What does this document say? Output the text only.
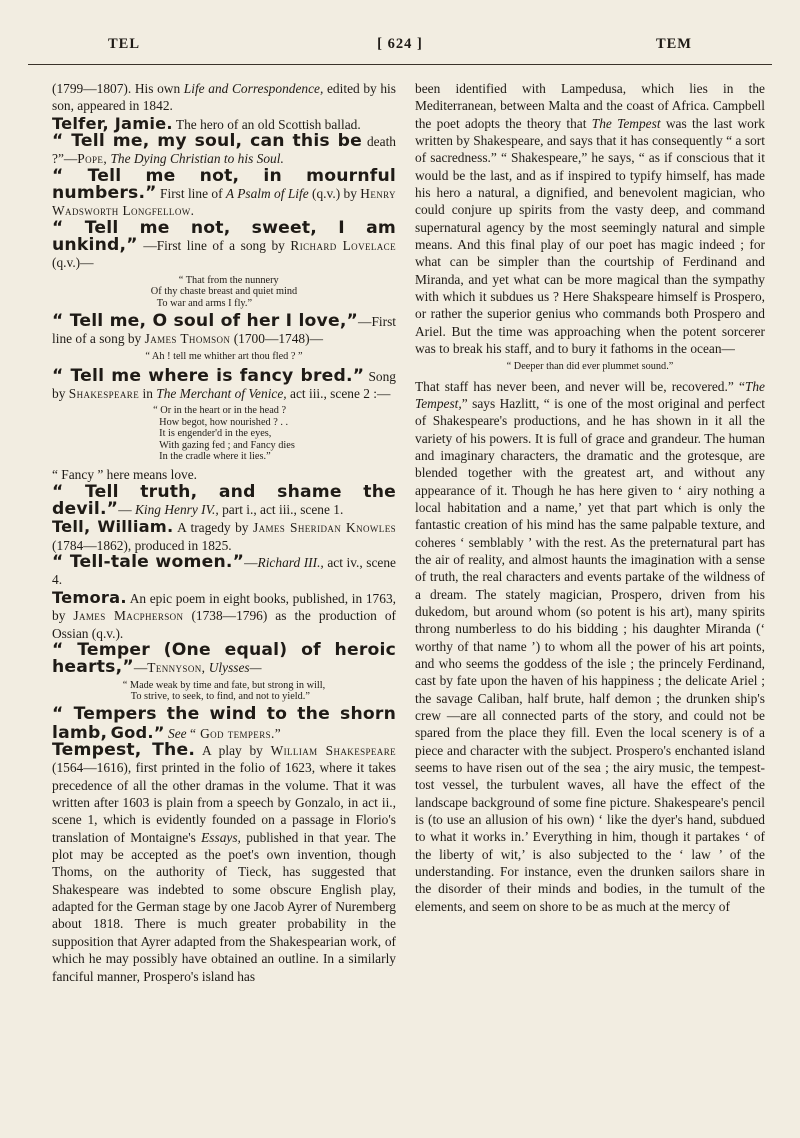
TEL	[ 624 ]	TEM

(1799—1807). His own Life and Correspondence, edited by his son, appeared in 1842.

Telfer, Jamie. The hero of an old Scottish ballad.

“ Tell me, my soul, can this be death ?”—Pope, The Dying Christian to his Soul.

“ Tell me not, in mournful numbers.” First line of A Psalm of Life (q.v.) by Henry Wadsworth Longfellow.

“ Tell me not, sweet, I am unkind,” —First line of a song by Richard Lovelace (q.v.)—

“ That from the nunnery
Of thy chaste breast and quiet mind
To war and arms I fly.”

“ Tell me, O soul of her I love,”—First line of a song by James Thomson (1700—1748)—

“ Ah ! tell me whither art thou fled ? ”

“ Tell me where is fancy bred.” Song by Shakespeare in The Merchant of Venice, act iii., scene 2 :—

“ Or in the heart or in the head ?
How begot, how nourished ? . .
It is engender'd in the eyes,
With gazing fed ; and Fancy dies
In the cradle where it lies.”

“ Fancy ” here means love.

“ Tell truth, and shame the devil.”— King Henry IV., part i., act iii., scene 1.

Tell, William. A tragedy by James Sheridan Knowles (1784—1862), produced in 1825.

“ Tell-tale women.”—Richard III., act iv., scene 4.

Temora. An epic poem in eight books, published, in 1763, by James Macpherson (1738—1796) as the production of Ossian (q.v.).

“ Temper (One equal) of heroic hearts,”—Tennyson, Ulysses—

“ Made weak by time and fate, but strong in will,
To strive, to seek, to find, and not to yield.”

“ Tempers the wind to the shorn lamb, God.” See “ God tempers.”

Tempest, The. A play by William Shakespeare (1564—1616), first printed in the folio of 1623, where it takes precedence of all the other dramas in the volume. That it was written after 1603 is plain from a speech by Gonzalo, in act ii., scene 1, which is evidently founded on a passage in Florio's translation of Montaigne's Essays, published in that year. The plot may be accepted as the poet's own invention, though Thoms, on the authority of Tieck, has suggested that Shakespeare was indebted to some obscure English play, adapted for the German stage by one Jacob Ayrer of Nuremberg about 1818. There is much greater probability in the supposition that Ayrer adapted from the Shakespearian work, of which he may possibly have obtained an outline. In a similarly fanciful manner, Prospero's island has

been identified with Lampedusa, which lies in the Mediterranean, between Malta and the coast of Africa. Campbell the poet adopts the theory that The Tempest was the last work written by Shakespeare, and says that it has consequently “ a sort of sacredness.” “ Shakespeare,” he says, “ as if conscious that it would be the last, and as if inspired to typify himself, has made his hero a natural, a dignified, and benevolent magician, who could conjure up spirits from the vasty deep, and command supernatural agency by the most seemingly natural and simple means. And this final play of our poet has magic indeed ; for what can be simpler than the courtship of Ferdinand and Miranda, and yet what can be more magical than the sympathy with which it subdues us ? Here Shakspeare himself is Prospero, or rather the superior genius who commands both Prospero and Ariel. But the time was approaching when the potent sorcerer was to break his staff, and to bury it fathoms in the ocean—

“ Deeper than did ever plummet sound.”

That staff has never been, and never will be, recovered.” “The Tempest,” says Hazlitt, “ is one of the most original and perfect of Shakespeare's productions, and he has shown in it all the variety of his powers. It is full of grace and grandeur. The human and imaginary characters, the dramatic and the grotesque, are blended together with the greatest art, and without any appearance of it. Though he has here given to ‘ airy nothing a local habitation and a name,’ yet that part which is only the fantastic creation of his mind has the same palpable texture, and coheres ‘ semblably ’ with the rest. As the preternatural part has the air of reality, and almost haunts the imagination with a sense of truth, the real characters and events partake of the wildness of a dream. The stately magician, Prospero, driven from his dukedom, but around whom (so potent is his art), many spirits throng numberless to do his bidding ; his daughter Miranda (‘ worthy of that name ’) to whom all the power of his art points, and who seems the goddess of the isle ; the princely Ferdinand, cast by fate upon the haven of his happiness ; the delicate Ariel ; the savage Caliban, half brute, half demon ; the drunken ship's crew —are all connected parts of the story, and could not be spared from the place they fill. Even the local scenery is of a piece and character with the subject. Prospero's enchanted island seems to have risen out of the sea ; the airy music, the tempest-tost vessel, the turbulent waves, all have the effect of the landscape background of some fine picture. Shakespeare's pencil is (to use an allusion of his own) ‘ like the dyer's hand, subdued to what it works in.’ Everything in him, though it partakes ‘ of the liberty of wit,’ is also subjected to the ‘ law ’ of the understanding. For instance, even the drunken sailors share in the disorder of their minds and bodies, in the tumult of the elements, and seem on shore to be as much at the mercy of
